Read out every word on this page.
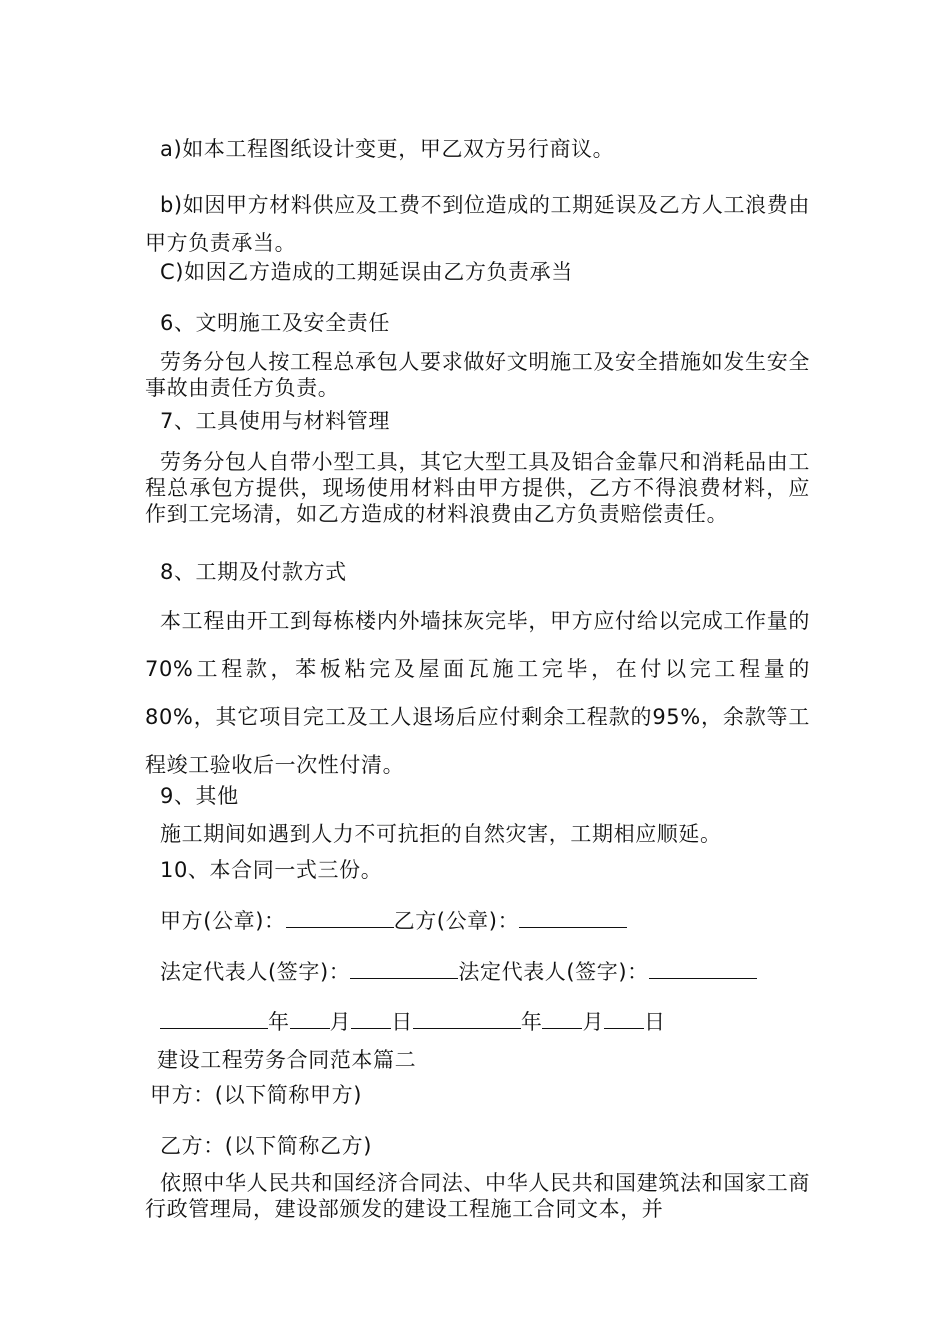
a)如本工程图纸设计变更，甲乙双方另行商议。
b)如因甲方材料供应及工费不到位造成的工期延误及乙方人工浪费由甲方负责承当。
C)如因乙方造成的工期延误由乙方负责承当
6、文明施工及安全责任
劳务分包人按工程总承包人要求做好文明施工及安全措施如发生安全事故由责任方负责。
7、工具使用与材料管理
劳务分包人自带小型工具，其它大型工具及铝合金靠尺和消耗品由工程总承包方提供，现场使用材料由甲方提供，乙方不得浪费材料，应作到工完场清，如乙方造成的材料浪费由乙方负责赔偿责任。
8、工期及付款方式
本工程由开工到每栋楼内外墙抹灰完毕，甲方应付给以完成工作量的 70%工程款，苯板粘完及屋面瓦施工完毕，在付以完工程量的 80%，其它项目完工及工人退场后应付剩余工程款的95%，余款等工程竣工验收后一次性付清。
9、其他
施工期间如遇到人力不可抗拒的自然灾害，工期相应顺延。
10、本合同一式三份。
甲方(公章)：	乙方(公章)：
法定代表人(签字)：	法定代表人(签字)：
年 月 日	年 月 日
建设工程劳务合同范本篇二
甲方：(以下简称甲方)
乙方：(以下简称乙方)
依照中华人民共和国经济合同法、中华人民共和国建筑法和国家工商行政管理局，建设部颁发的建设工程施工合同文本，并
